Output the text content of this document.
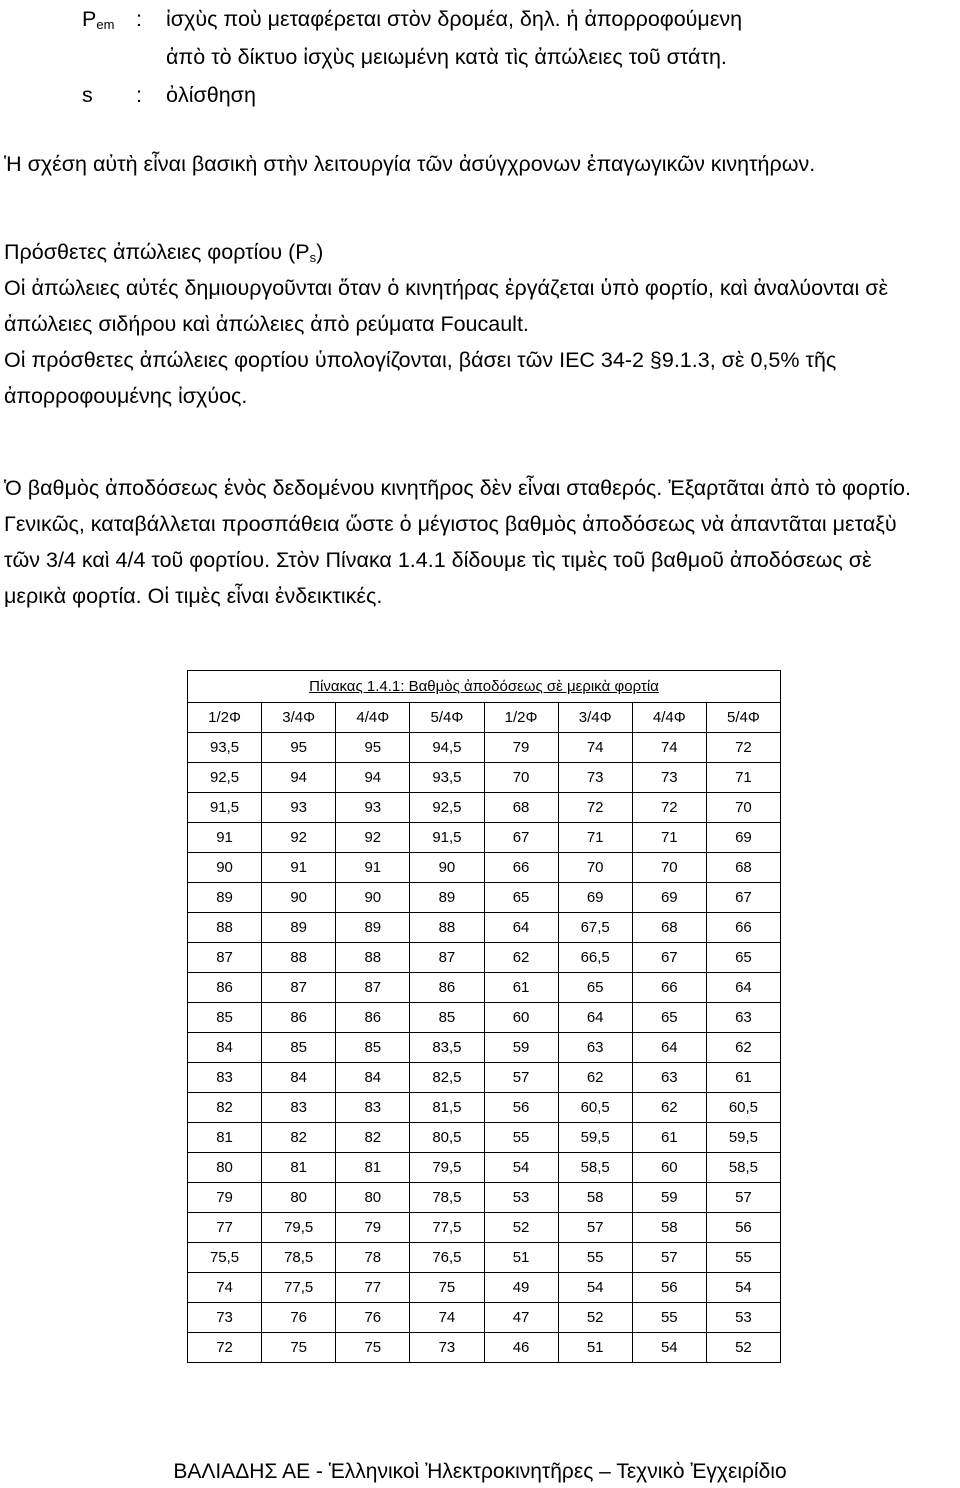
$P_{em}$	:	ἰσχὺς ποὺ μεταφέρεται στὸν δρομέα, δηλ. ἡ ἀπορροφούμενη
ἀπὸ τὸ δίκτυο ἰσχὺς μειωμένη κατὰ τὶς ἀπώλειες τοῦ στάτη.
s	:	ὀλίσθηση
Ἡ σχέση αὐτὴ εἶναι βασικὴ στὴν λειτουργία τῶν ἀσύγχρονων ἐπαγωγικῶν κινητήρων.
Πρόσθετες ἀπώλειες φορτίου $(P_s)$
Οἱ ἀπώλειες αὐτές δημιουργοῦνται ὅταν ὁ κινητήρας ἐργάζεται ὑπὸ φορτίο, καὶ ἀναλύονται σὲ
ἀπώλειες σιδήρου καὶ ἀπώλειες ἀπὸ ρεύματα Foucault.
Οἱ πρόσθετες ἀπώλειες φορτίου ὑπολογίζονται, βάσει τῶν IEC 34-2 §9.1.3, σὲ 0,5% τῆς
ἀπορροφουμένης ἰσχύος.
Ὁ βαθμὸς ἀποδόσεως ἑνὸς δεδομένου κινητῆρος δὲν εἶναι σταθερός. Ἐξαρτᾶται ἀπὸ τὸ φορτίο.
Γενικῶς, καταβάλλεται προσπάθεια ὥστε ὁ μέγιστος βαθμὸς ἀποδόσεως νὰ ἀπαντᾶται μεταξὺ
τῶν 3/4 καὶ 4/4 τοῦ φορτίου. Στὸν Πίνακα 1.4.1 δίδουμε τὶς τιμὲς τοῦ βαθμοῦ ἀποδόσεως σὲ
μερικὰ φορτία. Οἱ τιμὲς εἶναι ἐνδεικτικές.
Πίνακας 1.4.1: Βαθμὸς ἀποδόσεως σὲ μερικὰ φορτία							
1/2Φ	3/4Φ	4/4Φ	5/4Φ	1/2Φ	3/4Φ	4/4Φ	5/4Φ
93,5	95	95	94,5	79	74	74	72
92,5	94	94	93,5	70	73	73	71
91,5	93	93	92,5	68	72	72	70
91	92	92	91,5	67	71	71	69
90	91	91	90	66	70	70	68
89	90	90	89	65	69	69	67
88	89	89	88	64	67,5	68	66
87	88	88	87	62	66,5	67	65
86	87	87	86	61	65	66	64
85	86	86	85	60	64	65	63
84	85	85	83,5	59	63	64	62
83	84	84	82,5	57	62	63	61
82	83	83	81,5	56	60,5	62	60,5
81	82	82	80,5	55	59,5	61	59,5
80	81	81	79,5	54	58,5	60	58,5
79	80	80	78,5	53	58	59	57
77	79,5	79	77,5	52	57	58	56
75,5	78,5	78	76,5	51	55	57	55
74	77,5	77	75	49	54	56	54
73	76	76	74	47	52	55	53
72	75	75	73	46	51	54	52
ΒΑΛΙΑΔΗΣ ΑΕ - Ἑλληνικοὶ Ἠλεκτροκινητῆρες – Τεχνικὸ Ἐγχειρίδιο
